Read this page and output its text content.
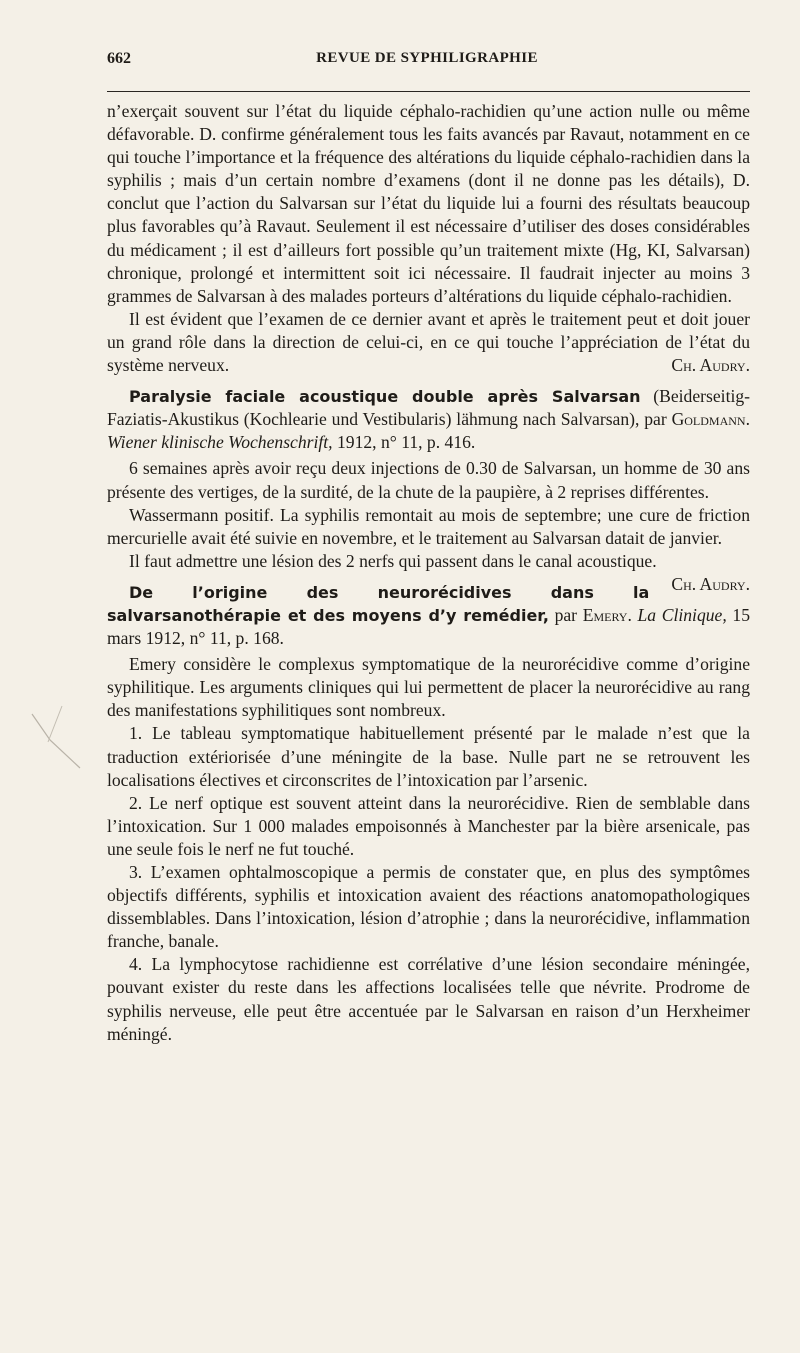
662	REVUE DE SYPHILIGRAPHIE

n’exerçait souvent sur l’état du liquide céphalo-rachidien qu’une action nulle ou même défavorable. D. confirme généralement tous les faits avancés par Ravaut, notamment en ce qui touche l’importance et la fréquence des altérations du liquide céphalo-rachidien dans la syphilis ; mais d’un certain nombre d’examens (dont il ne donne pas les détails), D. conclut que l’action du Salvarsan sur l’état du liquide lui a fourni des résultats beaucoup plus favorables qu’à Ravaut. Seulement il est nécessaire d’utiliser des doses considérables du médicament ; il est d’ailleurs fort possible qu’un traitement mixte (Hg, KI, Salvarsan) chronique, prolongé et intermittent soit ici nécessaire. Il faudrait injecter au moins 3 grammes de Salvarsan à des malades porteurs d’altérations du liquide céphalo-rachidien.

Il est évident que l’examen de ce dernier avant et après le traitement peut et doit jouer un grand rôle dans la direction de celui-ci, en ce qui touche l’appréciation de l’état du système nerveux.	Ch. Audry.

Paralysie faciale acoustique double après Salvarsan (Beiderseitig-Faziatis-Akustikus (Kochlearie und Vestibularis) lähmung nach Salvarsan), par Goldmann. Wiener klinische Wochenschrift, 1912, n° 11, p. 416.

6 semaines après avoir reçu deux injections de 0.30 de Salvarsan, un homme de 30 ans présente des vertiges, de la surdité, de la chute de la paupière, à 2 reprises différentes.

Wassermann positif. La syphilis remontait au mois de septembre; une cure de friction mercurielle avait été suivie en novembre, et le traitement au Salvarsan datait de janvier.

Il faut admettre une lésion des 2 nerfs qui passent dans le canal acoustique.
Ch. Audry.

De l’origine des neurorécidives dans la salvarsanothérapie et des moyens d’y remédier, par Emery. La Clinique, 15 mars 1912, n° 11, p. 168.

Emery considère le complexus symptomatique de la neurorécidive comme d’origine syphilitique. Les arguments cliniques qui lui permettent de placer la neurorécidive au rang des manifestations syphilitiques sont nombreux.

1. Le tableau symptomatique habituellement présenté par le malade n’est que la traduction extériorisée d’une méningite de la base. Nulle part ne se retrouvent les localisations électives et circonscrites de l’intoxication par l’arsenic.

2. Le nerf optique est souvent atteint dans la neurorécidive. Rien de semblable dans l’intoxication. Sur 1 000 malades empoisonnés à Manchester par la bière arsenicale, pas une seule fois le nerf ne fut touché.

3. L’examen ophtalmoscopique a permis de constater que, en plus des symptômes objectifs différents, syphilis et intoxication avaient des réactions anatomopathologiques dissemblables. Dans l’intoxication, lésion d’atrophie ; dans la neurorécidive, inflammation franche, banale.

4. La lymphocytose rachidienne est corrélative d’une lésion secondaire méningée, pouvant exister du reste dans les affections localisées telle que névrite. Prodrome de syphilis nerveuse, elle peut être accentuée par le Salvarsan en raison d’un Herxheimer méningé.
